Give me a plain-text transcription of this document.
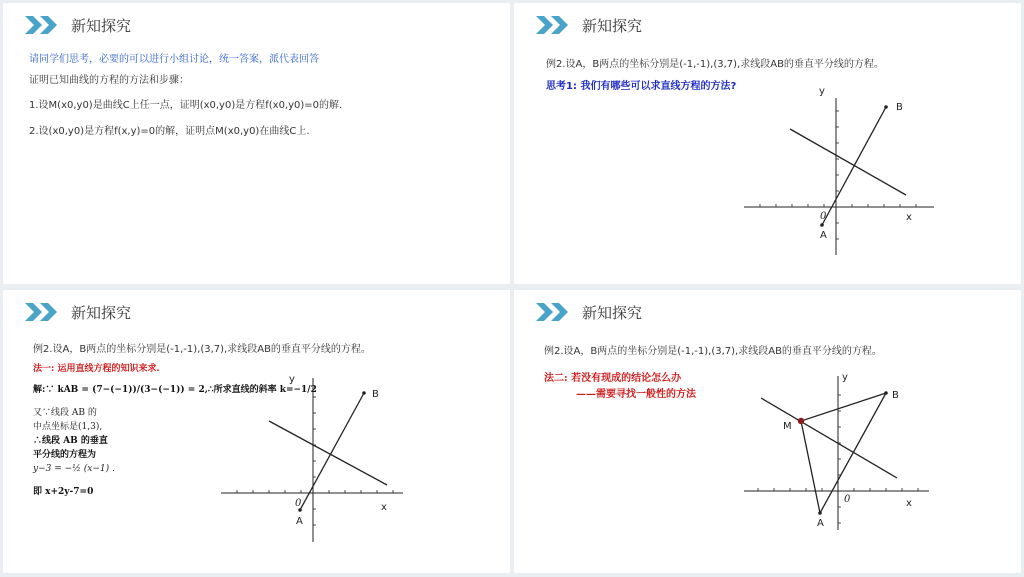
新知探究
请同学们思考，必要的可以进行小组讨论，统一答案，派代表回答
证明已知曲线的方程的方法和步骤：
1.设M(x0,y0)是曲线C上任一点，证明(x0,y0)是方程f(x0,y0)=0的解.
2.设(x0,y0)是方程f(x,y)=0的解，证明点M(x0,y0)在曲线C上.
新知探究
例2.设A，B两点的坐标分别是(-1,-1),(3,7),求线段AB的垂直平分线的方程。
思考1: 我们有哪些可以求直线方程的方法?	y
x
0
A
B
新知探究
例2.设A，B两点的坐标分别是(-1,-1),(3,7),求线段AB的垂直平分线的方程。
法一: 运用直线方程的知识来求.
解:∵ kAB = (7−(−1))/(3−(−1)) = 2,∴所求直线的斜率 k=−1/2
又∵线段 AB 的
中点坐标是(1,3),
∴线段 AB 的垂直
平分线的方程为
y−3 = −½ (x−1) .
即 x+2y-7=0
y
x
0
A
B
新知探究
例2.设A，B两点的坐标分别是(-1,-1),(3,7),求线段AB的垂直平分线的方程。
法二: 若没有现成的结论怎么办
——需要寻找一般性的方法
y
x
0
A
B
M
